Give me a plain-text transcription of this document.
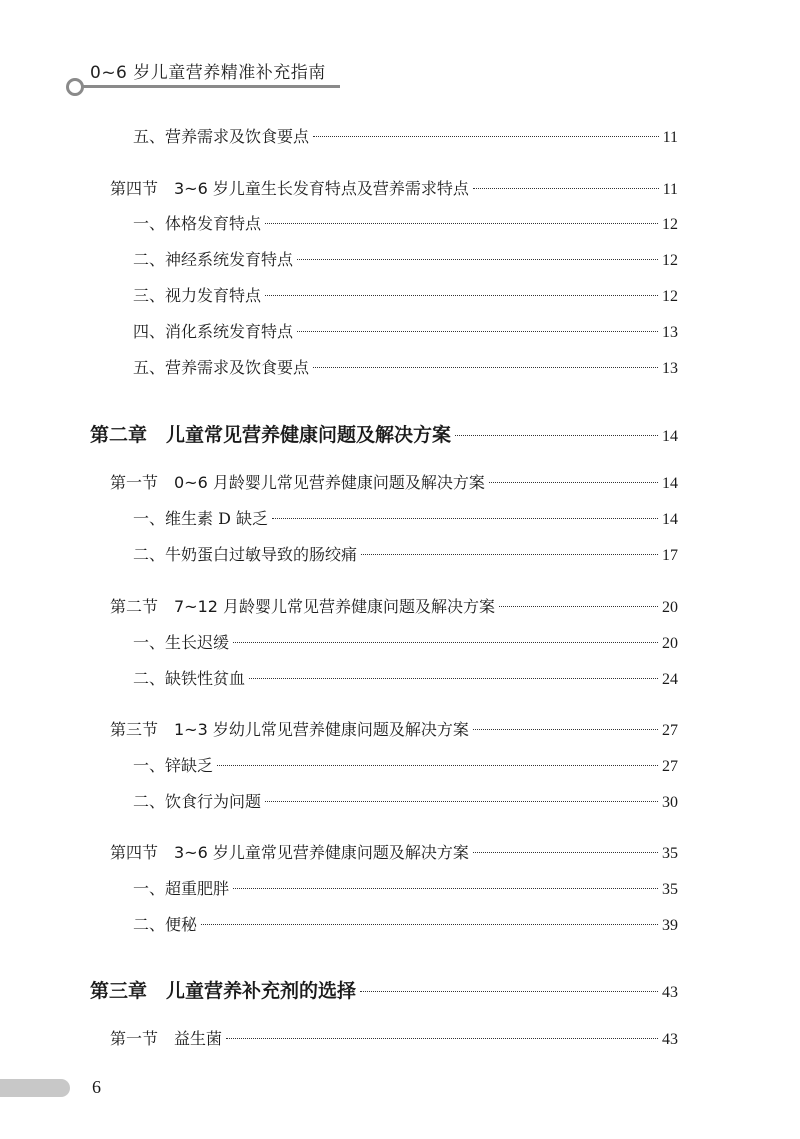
0~6 岁儿童营养精准补充指南
五、营养需求及饮食要点	11
第四节　3~6 岁儿童生长发育特点及营养需求特点	11
一、体格发育特点	12
二、神经系统发育特点	12
三、视力发育特点	12
四、消化系统发育特点	13
五、营养需求及饮食要点	13
第二章　儿童常见营养健康问题及解决方案	14
第一节　0~6 月龄婴儿常见营养健康问题及解决方案	14
一、维生素 D 缺乏	14
二、牛奶蛋白过敏导致的肠绞痛	17
第二节　7~12 月龄婴儿常见营养健康问题及解决方案	20
一、生长迟缓	20
二、缺铁性贫血	24
第三节　1~3 岁幼儿常见营养健康问题及解决方案	27
一、锌缺乏	27
二、饮食行为问题	30
第四节　3~6 岁儿童常见营养健康问题及解决方案	35
一、超重肥胖	35
二、便秘	39
第三章　儿童营养补充剂的选择	43
第一节　益生菌	43
6
